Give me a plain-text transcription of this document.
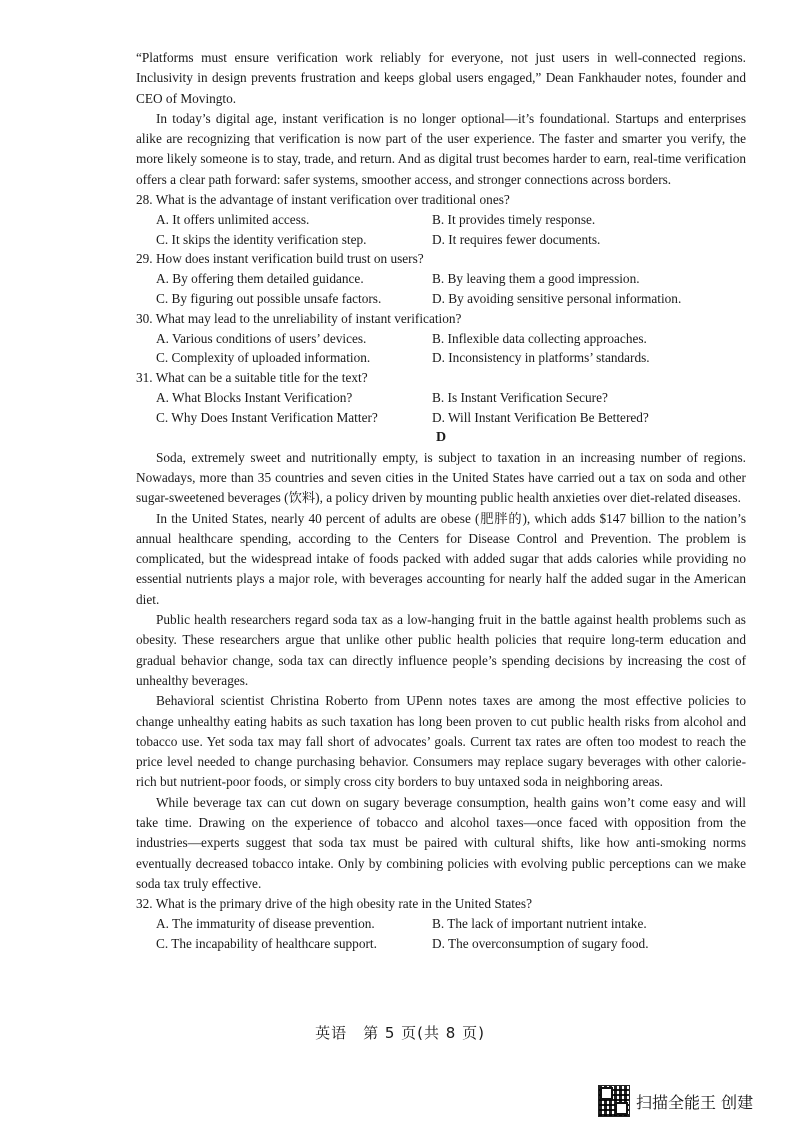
“Platforms must ensure verification work reliably for everyone, not just users in well-connected regions. Inclusivity in design prevents frustration and keeps global users engaged,” Dean Fankhauder notes, founder and CEO of Movingto.

In today’s digital age, instant verification is no longer optional—it’s foundational. Startups and enterprises alike are recognizing that verification is now part of the user experience. The faster and smarter you verify, the more likely someone is to stay, trade, and return. And as digital trust becomes harder to earn, real-time verification offers a clear path forward: safer systems, smoother access, and stronger connections across borders.

28. What is the advantage of instant verification over traditional ones?

A. It offers unlimited access.	B. It provides timely response.
C. It skips the identity verification step.	D. It requires fewer documents.

29. How does instant verification build trust on users?

A. By offering them detailed guidance.	B. By leaving them a good impression.
C. By figuring out possible unsafe factors.	D. By avoiding sensitive personal information.

30. What may lead to the unreliability of instant verification?

A. Various conditions of users’ devices.	B. Inflexible data collecting approaches.
C. Complexity of uploaded information.	D. Inconsistency in platforms’ standards.

31. What can be a suitable title for the text?

A. What Blocks Instant Verification?	B. Is Instant Verification Secure?
C. Why Does Instant Verification Matter?	D. Will Instant Verification Be Bettered?

D

Soda, extremely sweet and nutritionally empty, is subject to taxation in an increasing number of regions. Nowadays, more than 35 countries and seven cities in the United States have carried out a tax on soda and other sugar-sweetened beverages (饮料), a policy driven by mounting public health anxieties over diet-related diseases.

In the United States, nearly 40 percent of adults are obese (肥胖的), which adds $147 billion to the nation’s annual healthcare spending, according to the Centers for Disease Control and Prevention. The problem is complicated, but the widespread intake of foods packed with added sugar that adds calories while providing no essential nutrients plays a major role, with beverages accounting for nearly half the added sugar in the American diet.

Public health researchers regard soda tax as a low-hanging fruit in the battle against health problems such as obesity. These researchers argue that unlike other public health policies that require long-term education and gradual behavior change, soda tax can directly influence people’s spending decisions by increasing the cost of unhealthy beverages.

Behavioral scientist Christina Roberto from UPenn notes taxes are among the most effective policies to change unhealthy eating habits as such taxation has long been proven to cut public health risks from alcohol and tobacco use. Yet soda tax may fall short of advocates’ goals. Current tax rates are often too modest to reach the price level needed to change purchasing behavior. Consumers may replace sugary beverages with other calorie-rich but nutrient-poor foods, or simply cross city borders to buy untaxed soda in neighboring areas.

While beverage tax can cut down on sugary beverage consumption, health gains won’t come easy and will take time. Drawing on the experience of tobacco and alcohol taxes—once faced with opposition from the industries—experts suggest that soda tax must be paired with cultural shifts, like how anti-smoking norms eventually decreased tobacco intake. Only by combining policies with evolving public perceptions can we make soda tax truly effective.

32. What is the primary drive of the high obesity rate in the United States?

A. The immaturity of disease prevention.	B. The lack of important nutrient intake.
C. The incapability of healthcare support.	D. The overconsumption of sugary food.
英语　第 5 页(共 8 页)
扫描全能王 创建
